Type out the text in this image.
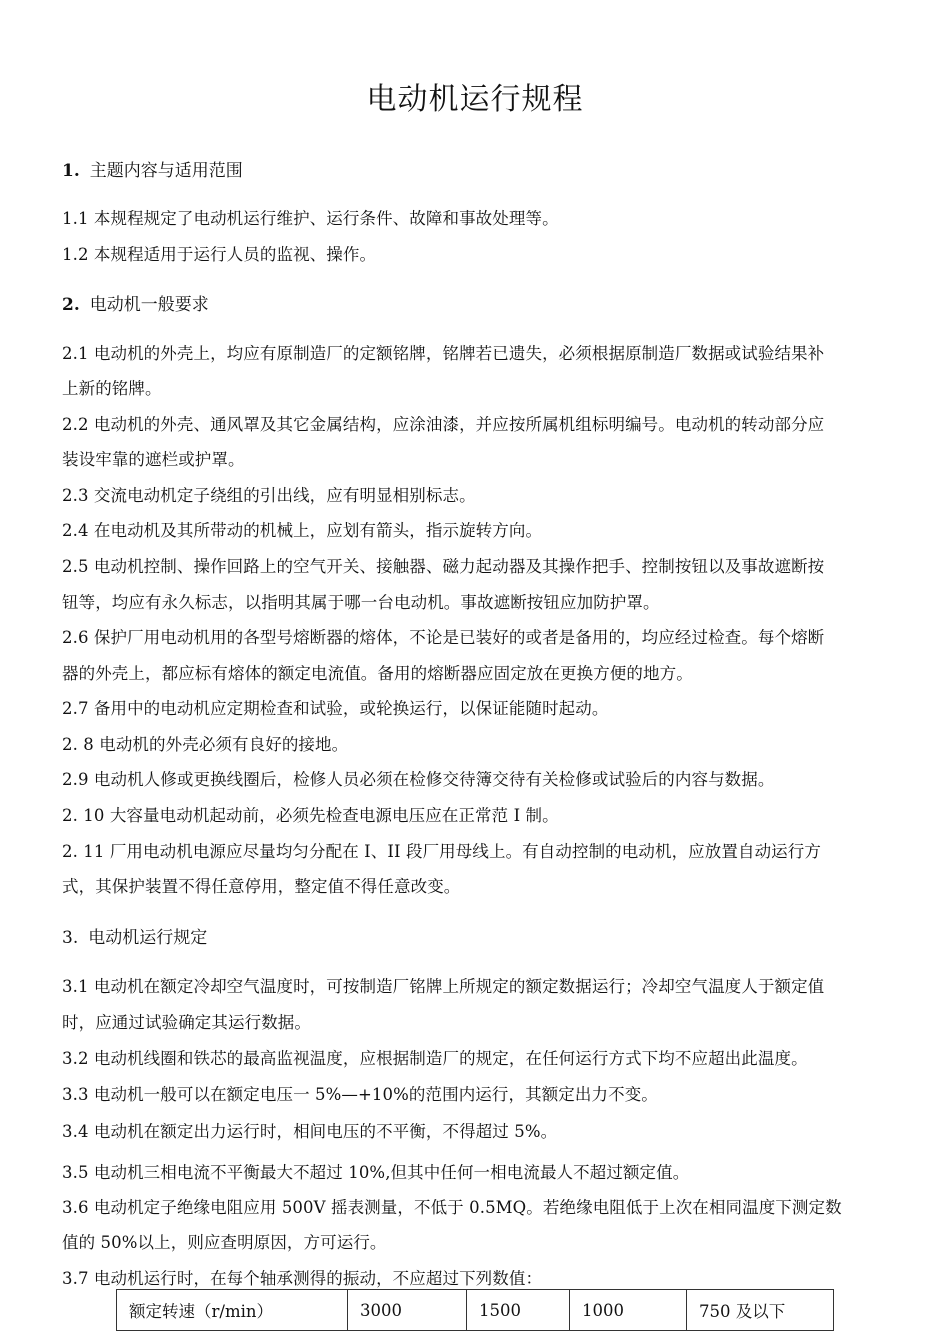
电动机运行规程
1. 主题内容与适用范围
1.1 本规程规定了电动机运行维护、运行条件、故障和事故处理等。
1.2 本规程适用于运行人员的监视、操作。
2. 电动机一般要求
2.1 电动机的外壳上，均应有原制造厂的定额铭牌，铭牌若已遗失，必须根据原制造厂数据或试验结果补
上新的铭牌。
2.2 电动机的外壳、通风罩及其它金属结构，应涂油漆，并应按所属机组标明编号。电动机的转动部分应
装设牢靠的遮栏或护罩。
2.3 交流电动机定子绕组的引出线，应有明显相别标志。
2.4 在电动机及其所带动的机械上，应划有箭头，指示旋转方向。
2.5 电动机控制、操作回路上的空气开关、接触器、磁力起动器及其操作把手、控制按钮以及事故遮断按
钮等，均应有永久标志，以指明其属于哪一台电动机。事故遮断按钮应加防护罩。
2.6 保护厂用电动机用的各型号熔断器的熔体，不论是已装好的或者是备用的，均应经过检查。每个熔断
器的外壳上，都应标有熔体的额定电流值。备用的熔断器应固定放在更换方便的地方。
2.7 备用中的电动机应定期检查和试验，或轮换运行，以保证能随时起动。
2. 8 电动机的外壳必须有良好的接地。
2.9 电动机人修或更换线圈后，检修人员必须在检修交待簿交待有关检修或试验后的内容与数据。
2. 10 大容量电动机起动前，必须先检查电源电压应在正常范 I 制。
2. 11 厂用电动机电源应尽量均匀分配在 I、II 段厂用母线上。有自动控制的电动机，应放置自动运行方
式，其保护装置不得任意停用，整定值不得任意改变。
3. 电动机运行规定
3.1 电动机在额定冷却空气温度时，可按制造厂铭牌上所规定的额定数据运行；冷却空气温度人于额定值
时，应通过试验确定其运行数据。
3.2 电动机线圈和铁芯的最高监视温度，应根据制造厂的规定，在任何运行方式下均不应超出此温度。
3.3 电动机一般可以在额定电压一 5%—+10%的范围内运行，其额定出力不变。
3.4 电动机在额定出力运行时，相间电压的不平衡，不得超过 5%。
3.5 电动机三相电流不平衡最大不超过 10%,但其中任何一相电流最人不超过额定值。
3.6 电动机定子绝缘电阻应用 500V 摇表测量，不低于 0.5MQ。若绝缘电阻低于上次在相同温度下测定数
值的 50%以上，则应查明原因，方可运行。
3.7 电动机运行时，在每个轴承测得的振动，不应超过下列数值：
额定转速（r/min）	3000	1500	1000	750 及以下
